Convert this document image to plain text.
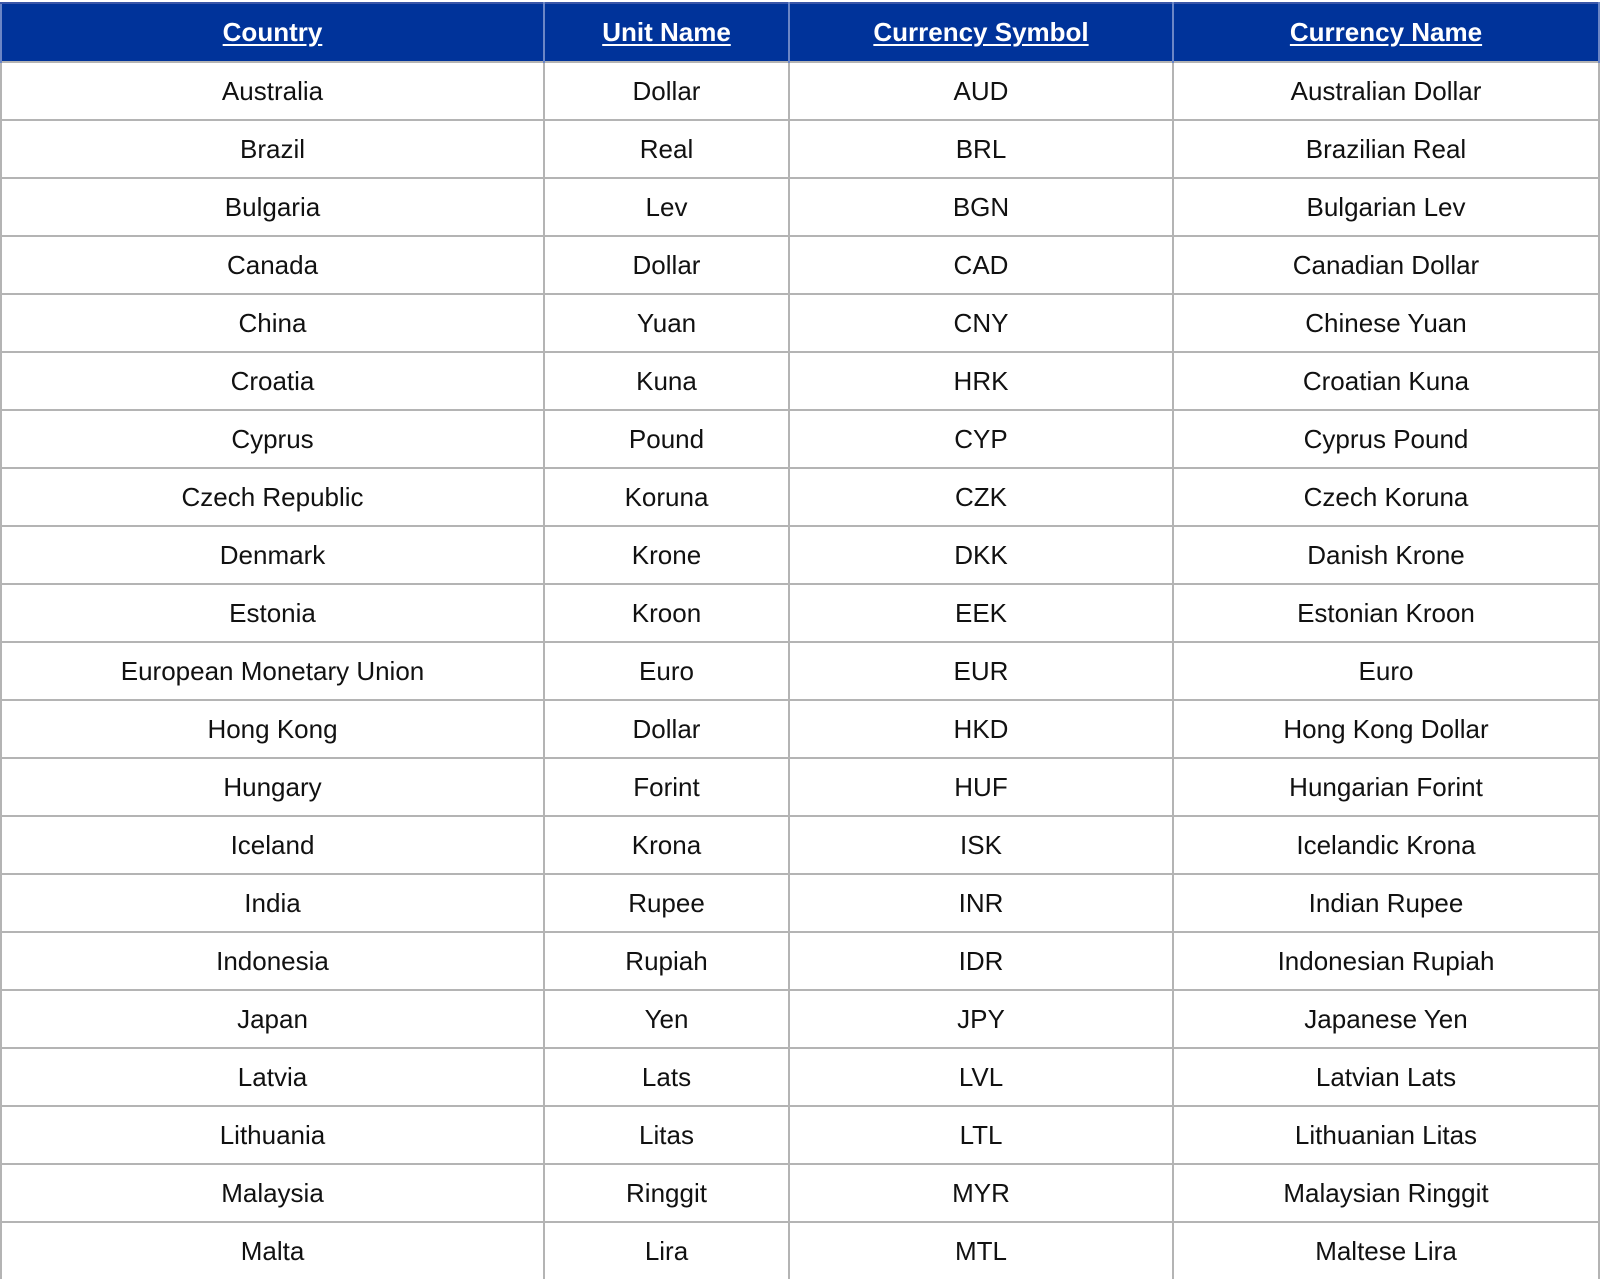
Country	Unit Name	Currency Symbol	Currency Name
Australia	Dollar	AUD	Australian Dollar
Brazil	Real	BRL	Brazilian Real
Bulgaria	Lev	BGN	Bulgarian Lev
Canada	Dollar	CAD	Canadian Dollar
China	Yuan	CNY	Chinese Yuan
Croatia	Kuna	HRK	Croatian Kuna
Cyprus	Pound	CYP	Cyprus Pound
Czech Republic	Koruna	CZK	Czech Koruna
Denmark	Krone	DKK	Danish Krone
Estonia	Kroon	EEK	Estonian Kroon
European Monetary Union	Euro	EUR	Euro
Hong Kong	Dollar	HKD	Hong Kong Dollar
Hungary	Forint	HUF	Hungarian Forint
Iceland	Krona	ISK	Icelandic Krona
India	Rupee	INR	Indian Rupee
Indonesia	Rupiah	IDR	Indonesian Rupiah
Japan	Yen	JPY	Japanese Yen
Latvia	Lats	LVL	Latvian Lats
Lithuania	Litas	LTL	Lithuanian Litas
Malaysia	Ringgit	MYR	Malaysian Ringgit
Malta	Lira	MTL	Maltese Lira
